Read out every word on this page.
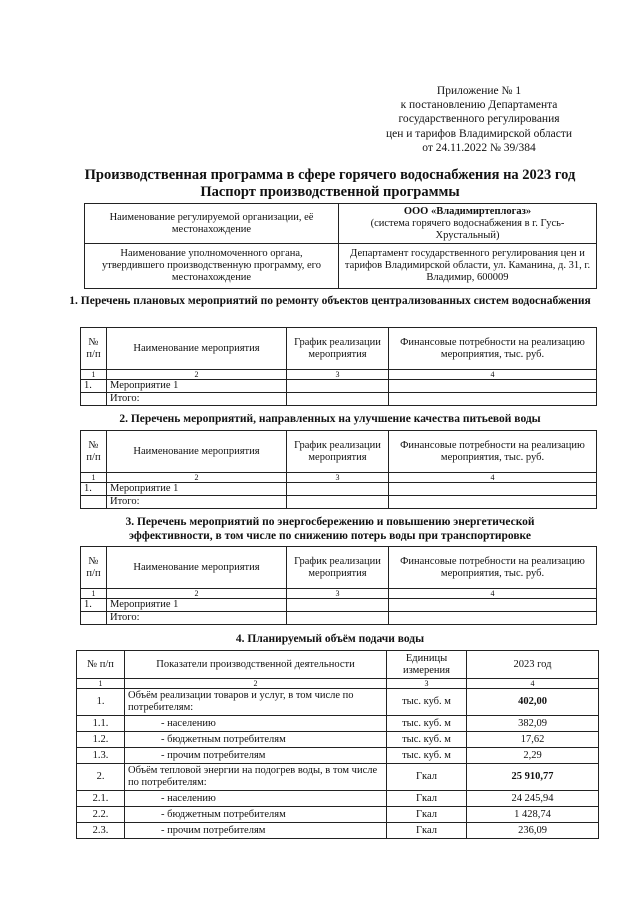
Приложение № 1
к постановлению Департамента
государственного регулирования
цен и тарифов Владимирской области
от 24.11.2022 № 39/384
Производственная программа в сфере горячего водоснабжения на 2023 год
Паспорт производственной программы
Наименование регулируемой организации, её местонахождение	ООО «Владимиртеплогаз»
(система горячего водоснабжения в г. Гусь-Хрустальный)

Наименование уполномоченного органа, утвердившего производственную программу, его местонахождение	Департамент государственного регулирования цен и тарифов Владимирской области, ул. Каманина, д. 31, г. Владимир, 600009
1. Перечень плановых мероприятий по ремонту объектов централизованных систем водоснабжения
№ п/п	Наименование мероприятия	График реализации мероприятия	Финансовые потребности на реализацию мероприятия, тыс. руб.
1	2	3	4
1.	Мероприятие 1		
	Итого:		
2. Перечень мероприятий, направленных на улучшение качества питьевой воды
№ п/п	Наименование мероприятия	График реализации мероприятия	Финансовые потребности на реализацию мероприятия, тыс. руб.
1	2	3	4
1.	Мероприятие 1		
	Итого:		
3. Перечень мероприятий по энергосбережению и повышению энергетической эффективности, в том числе по снижению потерь воды при транспортировке
№ п/п	Наименование мероприятия	График реализации мероприятия	Финансовые потребности на реализацию мероприятия, тыс. руб.
1	2	3	4
1.	Мероприятие 1		
	Итого:		
4. Планируемый объём подачи воды
№ п/п	Показатели производственной деятельности	Единицы измерения	2023 год
1	2	3	4
1.	Объём реализации товаров и услуг, в том числе по потребителям:	тыс. куб. м	402,00
1.1.	- населению	тыс. куб. м	382,09
1.2.	- бюджетным потребителям	тыс. куб. м	17,62
1.3.	- прочим потребителям	тыс. куб. м	2,29
2.	Объём тепловой энергии на подогрев воды, в том числе по потребителям:	Гкал	25 910,77
2.1.	- населению	Гкал	24 245,94
2.2.	- бюджетным потребителям	Гкал	1 428,74
2.3.	- прочим потребителям	Гкал	236,09
